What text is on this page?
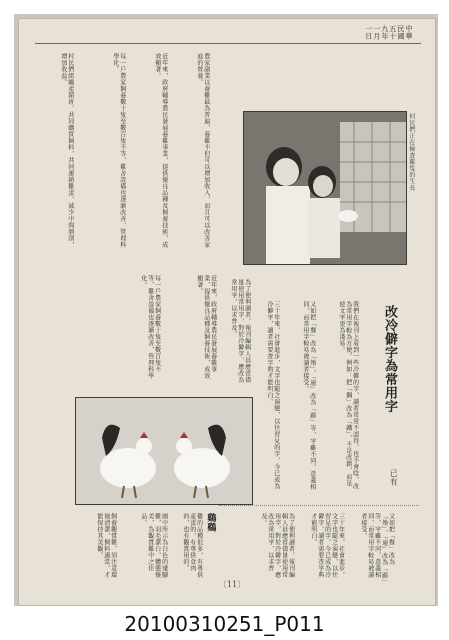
中華民國五十九年一月一日
農家副業以養雞最為普遍，養雞不但可以增加收入，而且可以改善家庭的營養。
近年來，政府輔導農民發展養雞事業，提供優良品種及飼養技術，成效顯著。
每一戶農家飼養數十隻至數百隻不等，雞舍設備也逐漸改善，管理科學化。
村民們組織產銷班，共同購買飼料，共同運銷雞蛋，減少中間剝削，增加收益。
村民們正在檢查雞隻的生長
改冷僻字為常用字
已有
我們在報刊上看到一些冷僻的字，讀者常常不認得，也不會唸，改為常用字較為方便。例如：把「鋼」改為「鐵」，不是改錯，而是使文字更為淺易。
又如把「餐」改為「飧」，「逾」改為「踰」等，字雖不同，意義相同，而常用字較易被讀者接受。
三十年來，社會進步，文字也隨之演變，以往習見的字，今已成為冷僻字，讀者需要查字典才能明白。
為了便利讀者，報刊編輯人員應當儘量使用常用字，對於冷僻字，應改為常用字，以求普及。
近年來，政府輔導農民發展養雞事業，提供優良品種及飼養技術，成效顯著。
每一戶農家飼養數十隻至數百隻不等，雞舍設備也逐漸改善，管理科學化。
鷄鷄
雞的品種很多，有專供產蛋的，有專供食肉的，也有觀賞用的。
圖中所示為白色的矮腳雞，羽毛潔白，體態優美，為觀賞雞中之佳品。
飼養觀賞雞，須注意環境清潔，飼料適當，才能保持其美觀。	又如把「餐」改為「飧」，「逾」改為「踰」等，字雖不同，意義相同，而常用字較易被讀者接受。
三十年來，社會進步，文字也隨之演變，以往習見的字，今已成為冷僻字，讀者需要查字典才能明白。
為了便利讀者，報刊編輯人員應當儘量使用常用字，對於冷僻字，應改為常用字，以求普及。
〔11〕
20100310251_P011
